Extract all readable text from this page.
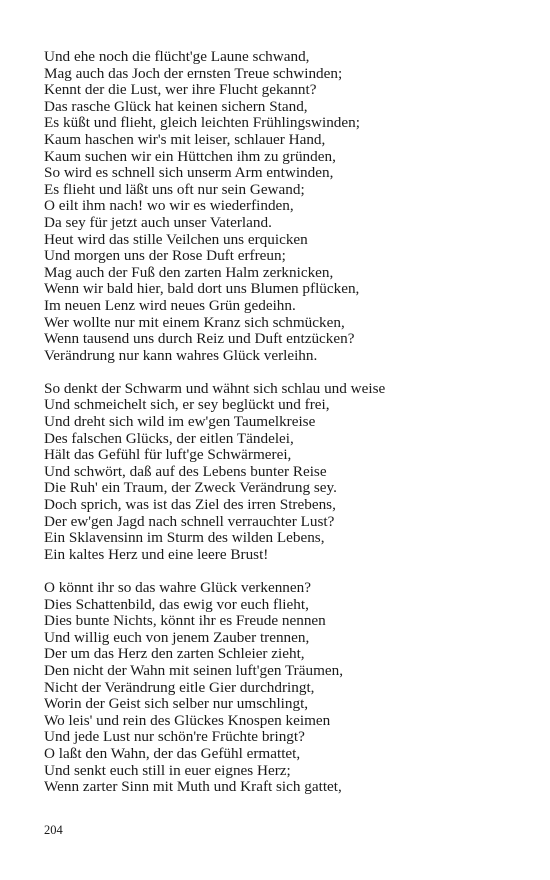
Und ehe noch die flücht'ge Laune schwand,
Mag auch das Joch der ernsten Treue schwinden;
Kennt der die Lust, wer ihre Flucht gekannt?
Das rasche Glück hat keinen sichern Stand,
Es küßt und flieht, gleich leichten Frühlingswinden;
Kaum haschen wir's mit leiser, schlauer Hand,
Kaum suchen wir ein Hüttchen ihm zu gründen,
So wird es schnell sich unserm Arm entwinden,
Es flieht und läßt uns oft nur sein Gewand;
O eilt ihm nach! wo wir es wiederfinden,
Da sey für jetzt auch unser Vaterland.
Heut wird das stille Veilchen uns erquicken
Und morgen uns der Rose Duft erfreun;
Mag auch der Fuß den zarten Halm zerknicken,
Wenn wir bald hier, bald dort uns Blumen pflücken,
Im neuen Lenz wird neues Grün gedeihn.
Wer wollte nur mit einem Kranz sich schmücken,
Wenn tausend uns durch Reiz und Duft entzücken?
Verändrung nur kann wahres Glück verleihn.
So denkt der Schwarm und wähnt sich schlau und weise
Und schmeichelt sich, er sey beglückt und frei,
Und dreht sich wild im ew'gen Taumelkreise
Des falschen Glücks, der eitlen Tändelei,
Hält das Gefühl für luft'ge Schwärmerei,
Und schwört, daß auf des Lebens bunter Reise
Die Ruh' ein Traum, der Zweck Verändrung sey.
Doch sprich, was ist das Ziel des irren Strebens,
Der ew'gen Jagd nach schnell verrauchter Lust?
Ein Sklavensinn im Sturm des wilden Lebens,
Ein kaltes Herz und eine leere Brust!
O könnt ihr so das wahre Glück verkennen?
Dies Schattenbild, das ewig vor euch flieht,
Dies bunte Nichts, könnt ihr es Freude nennen
Und willig euch von jenem Zauber trennen,
Der um das Herz den zarten Schleier zieht,
Den nicht der Wahn mit seinen luft'gen Träumen,
Nicht der Verändrung eitle Gier durchdringt,
Worin der Geist sich selber nur umschlingt,
Wo leis' und rein des Glückes Knospen keimen
Und jede Lust nur schön're Früchte bringt?
O laßt den Wahn, der das Gefühl ermattet,
Und senkt euch still in euer eignes Herz;
Wenn zarter Sinn mit Muth und Kraft sich gattet,
204
